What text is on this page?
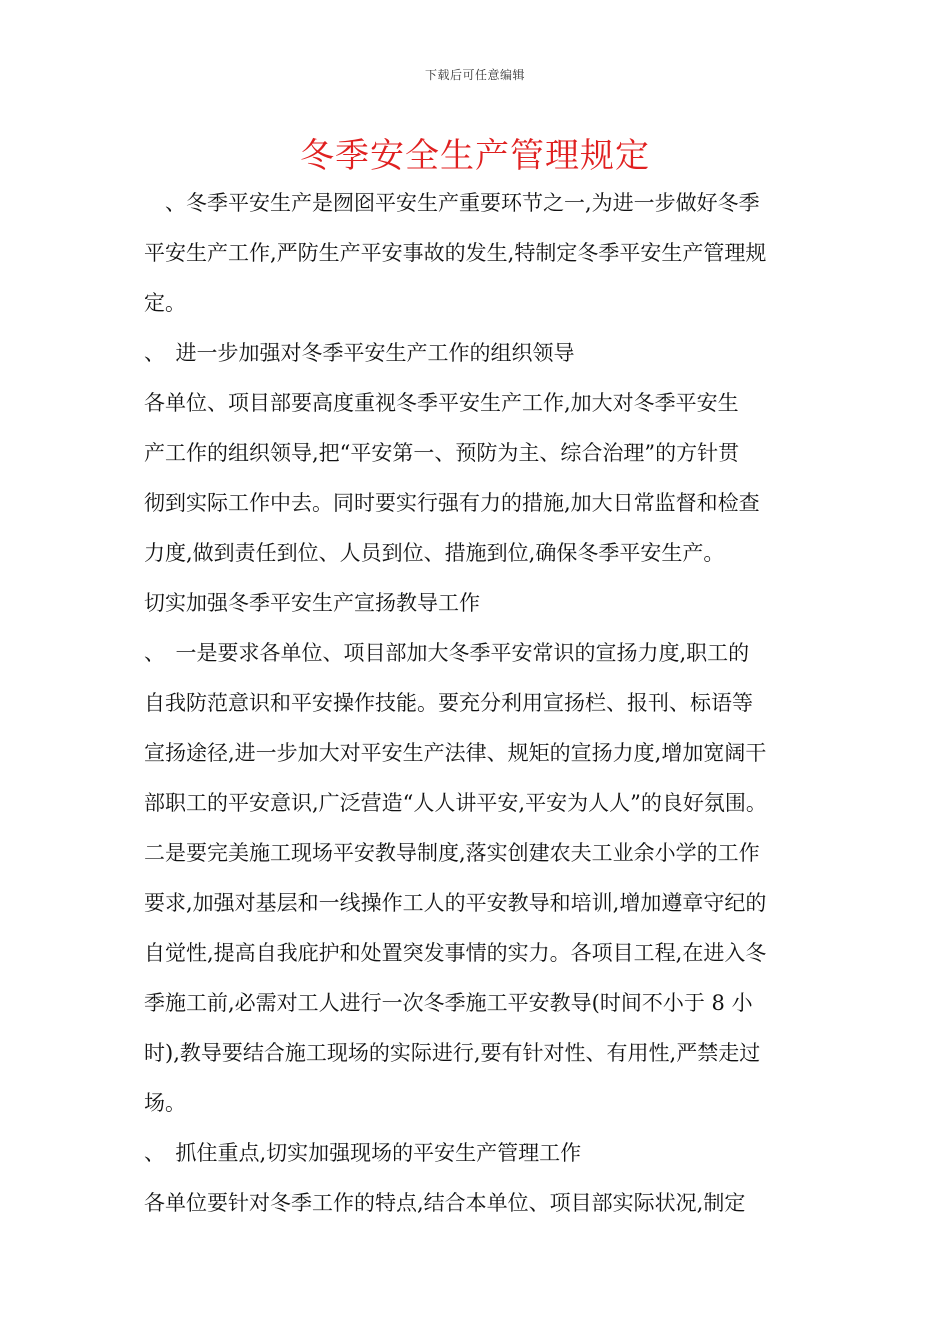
下载后可任意编辑
冬季安全生产管理规定
　、冬季平安生产是囫囵平安生产重要环节之一,为进一步做好冬季
平安生产工作,严防生产平安事故的发生,特制定冬季平安生产管理规
定。
、　进一步加强对冬季平安生产工作的组织领导
各单位、项目部要高度重视冬季平安生产工作,加大对冬季平安生
产工作的组织领导,把“平安第一、预防为主、综合治理”的方针贯
彻到实际工作中去。同时要实行强有力的措施,加大日常监督和检查
力度,做到责任到位、人员到位、措施到位,确保冬季平安生产。
切实加强冬季平安生产宣扬教导工作
、　一是要求各单位、项目部加大冬季平安常识的宣扬力度,职工的
自我防范意识和平安操作技能。要充分利用宣扬栏、报刊、标语等
宣扬途径,进一步加大对平安生产法律、规矩的宣扬力度,增加宽阔干
部职工的平安意识,广泛营造“人人讲平安,平安为人人”的良好氛围。
二是要完美施工现场平安教导制度,落实创建农夫工业余小学的工作
要求,加强对基层和一线操作工人的平安教导和培训,增加遵章守纪的
自觉性,提高自我庇护和处置突发事情的实力。各项目工程,在进入冬
季施工前,必需对工人进行一次冬季施工平安教导(时间不小于 8 小
时),教导要结合施工现场的实际进行,要有针对性、有用性,严禁走过
场。
、　抓住重点,切实加强现场的平安生产管理工作
各单位要针对冬季工作的特点,结合本单位、项目部实际状况,制定
